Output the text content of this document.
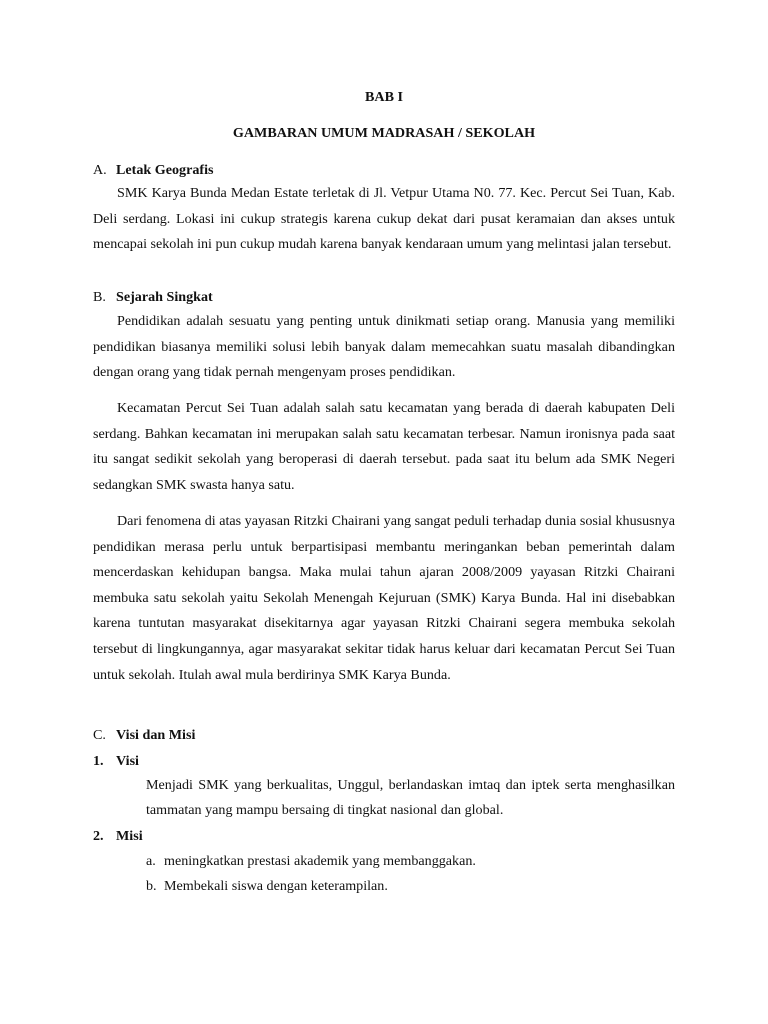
BAB I
GAMBARAN UMUM MADRASAH / SEKOLAH
A. Letak Geografis

SMK Karya Bunda Medan Estate terletak di Jl. Vetpur Utama N0. 77. Kec. Percut Sei Tuan, Kab. Deli serdang. Lokasi ini cukup strategis karena cukup dekat dari pusat keramaian dan akses untuk mencapai sekolah ini pun cukup mudah karena banyak kendaraan umum yang melintasi jalan tersebut.

B. Sejarah Singkat

Pendidikan adalah sesuatu yang penting untuk dinikmati setiap orang. Manusia yang memiliki pendidikan biasanya memiliki solusi lebih banyak dalam memecahkan suatu masalah dibandingkan dengan orang yang tidak pernah mengenyam proses pendidikan.

Kecamatan Percut Sei Tuan adalah salah satu kecamatan yang berada di daerah kabupaten Deli serdang. Bahkan kecamatan ini merupakan salah satu kecamatan terbesar. Namun ironisnya pada saat itu sangat sedikit sekolah yang beroperasi di daerah tersebut. pada saat itu belum ada SMK Negeri sedangkan SMK swasta hanya satu.

Dari fenomena di atas yayasan Ritzki Chairani yang sangat peduli terhadap dunia sosial khususnya pendidikan merasa perlu untuk berpartisipasi membantu meringankan beban pemerintah dalam mencerdaskan kehidupan bangsa. Maka mulai tahun ajaran 2008/2009 yayasan Ritzki Chairani membuka satu sekolah yaitu Sekolah Menengah Kejuruan (SMK) Karya Bunda. Hal ini disebabkan karena tuntutan masyarakat disekitarnya agar yayasan Ritzki Chairani segera membuka sekolah tersebut di lingkungannya, agar masyarakat sekitar tidak harus keluar dari kecamatan Percut Sei Tuan untuk sekolah. Itulah awal mula berdirinya SMK Karya Bunda.

C. Visi dan Misi
1. Visi

Menjadi SMK yang berkualitas, Unggul, berlandaskan imtaq dan iptek serta menghasilkan tammatan yang mampu bersaing di tingkat nasional dan global.

2. Misi
a. meningkatkan prestasi akademik yang membanggakan.
b. Membekali siswa dengan keterampilan.
